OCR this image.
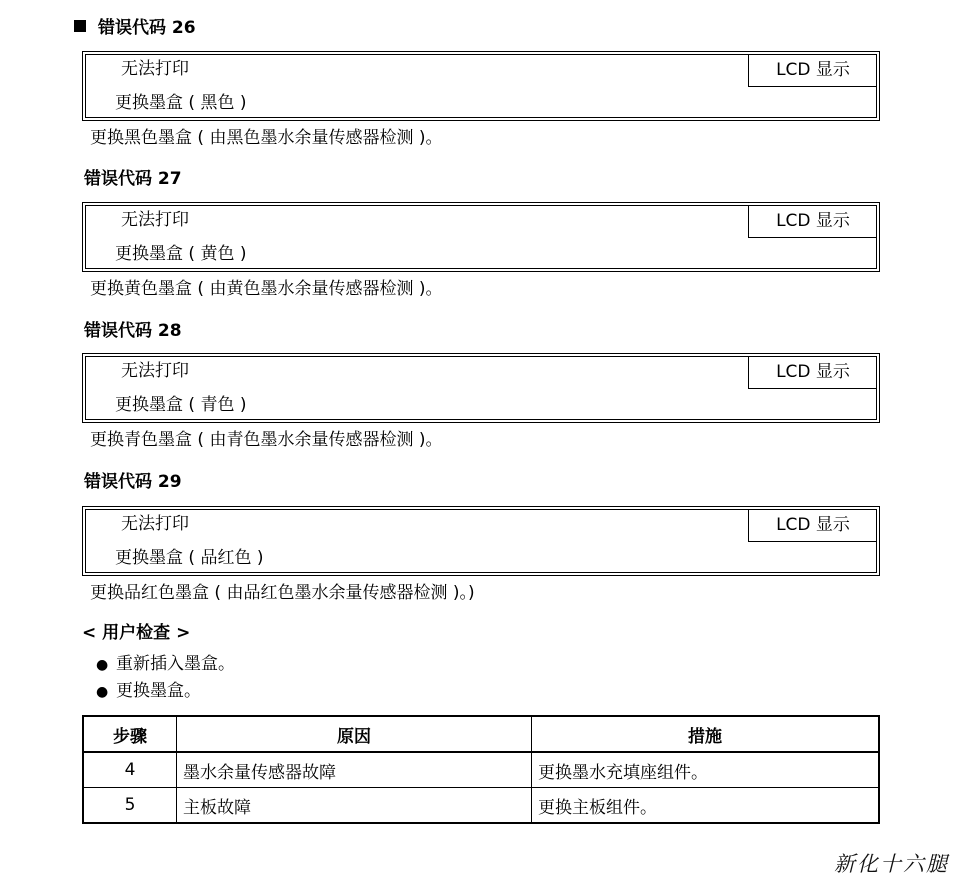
错误代码 26
无法打印
更换墨盒 ( 黑色 )
LCD 显示
更换黑色墨盒 ( 由黑色墨水余量传感器检测 )。
错误代码 27
无法打印
更换墨盒 ( 黄色 )
LCD 显示
更换黄色墨盒 ( 由黄色墨水余量传感器检测 )。
错误代码 28
无法打印
更换墨盒 ( 青色 )
LCD 显示
更换青色墨盒 ( 由青色墨水余量传感器检测 )。
错误代码 29
无法打印
更换墨盒 ( 品红色 )
LCD 显示
更换品红色墨盒 ( 由品红色墨水余量传感器检测 )。)
< 用户检查 >
● 重新插入墨盒。
● 更换墨盒。
步骤	原因	措施
4	墨水余量传感器故障	更换墨水充填座组件。
5	主板故障	更换主板组件。
新化十六腿
